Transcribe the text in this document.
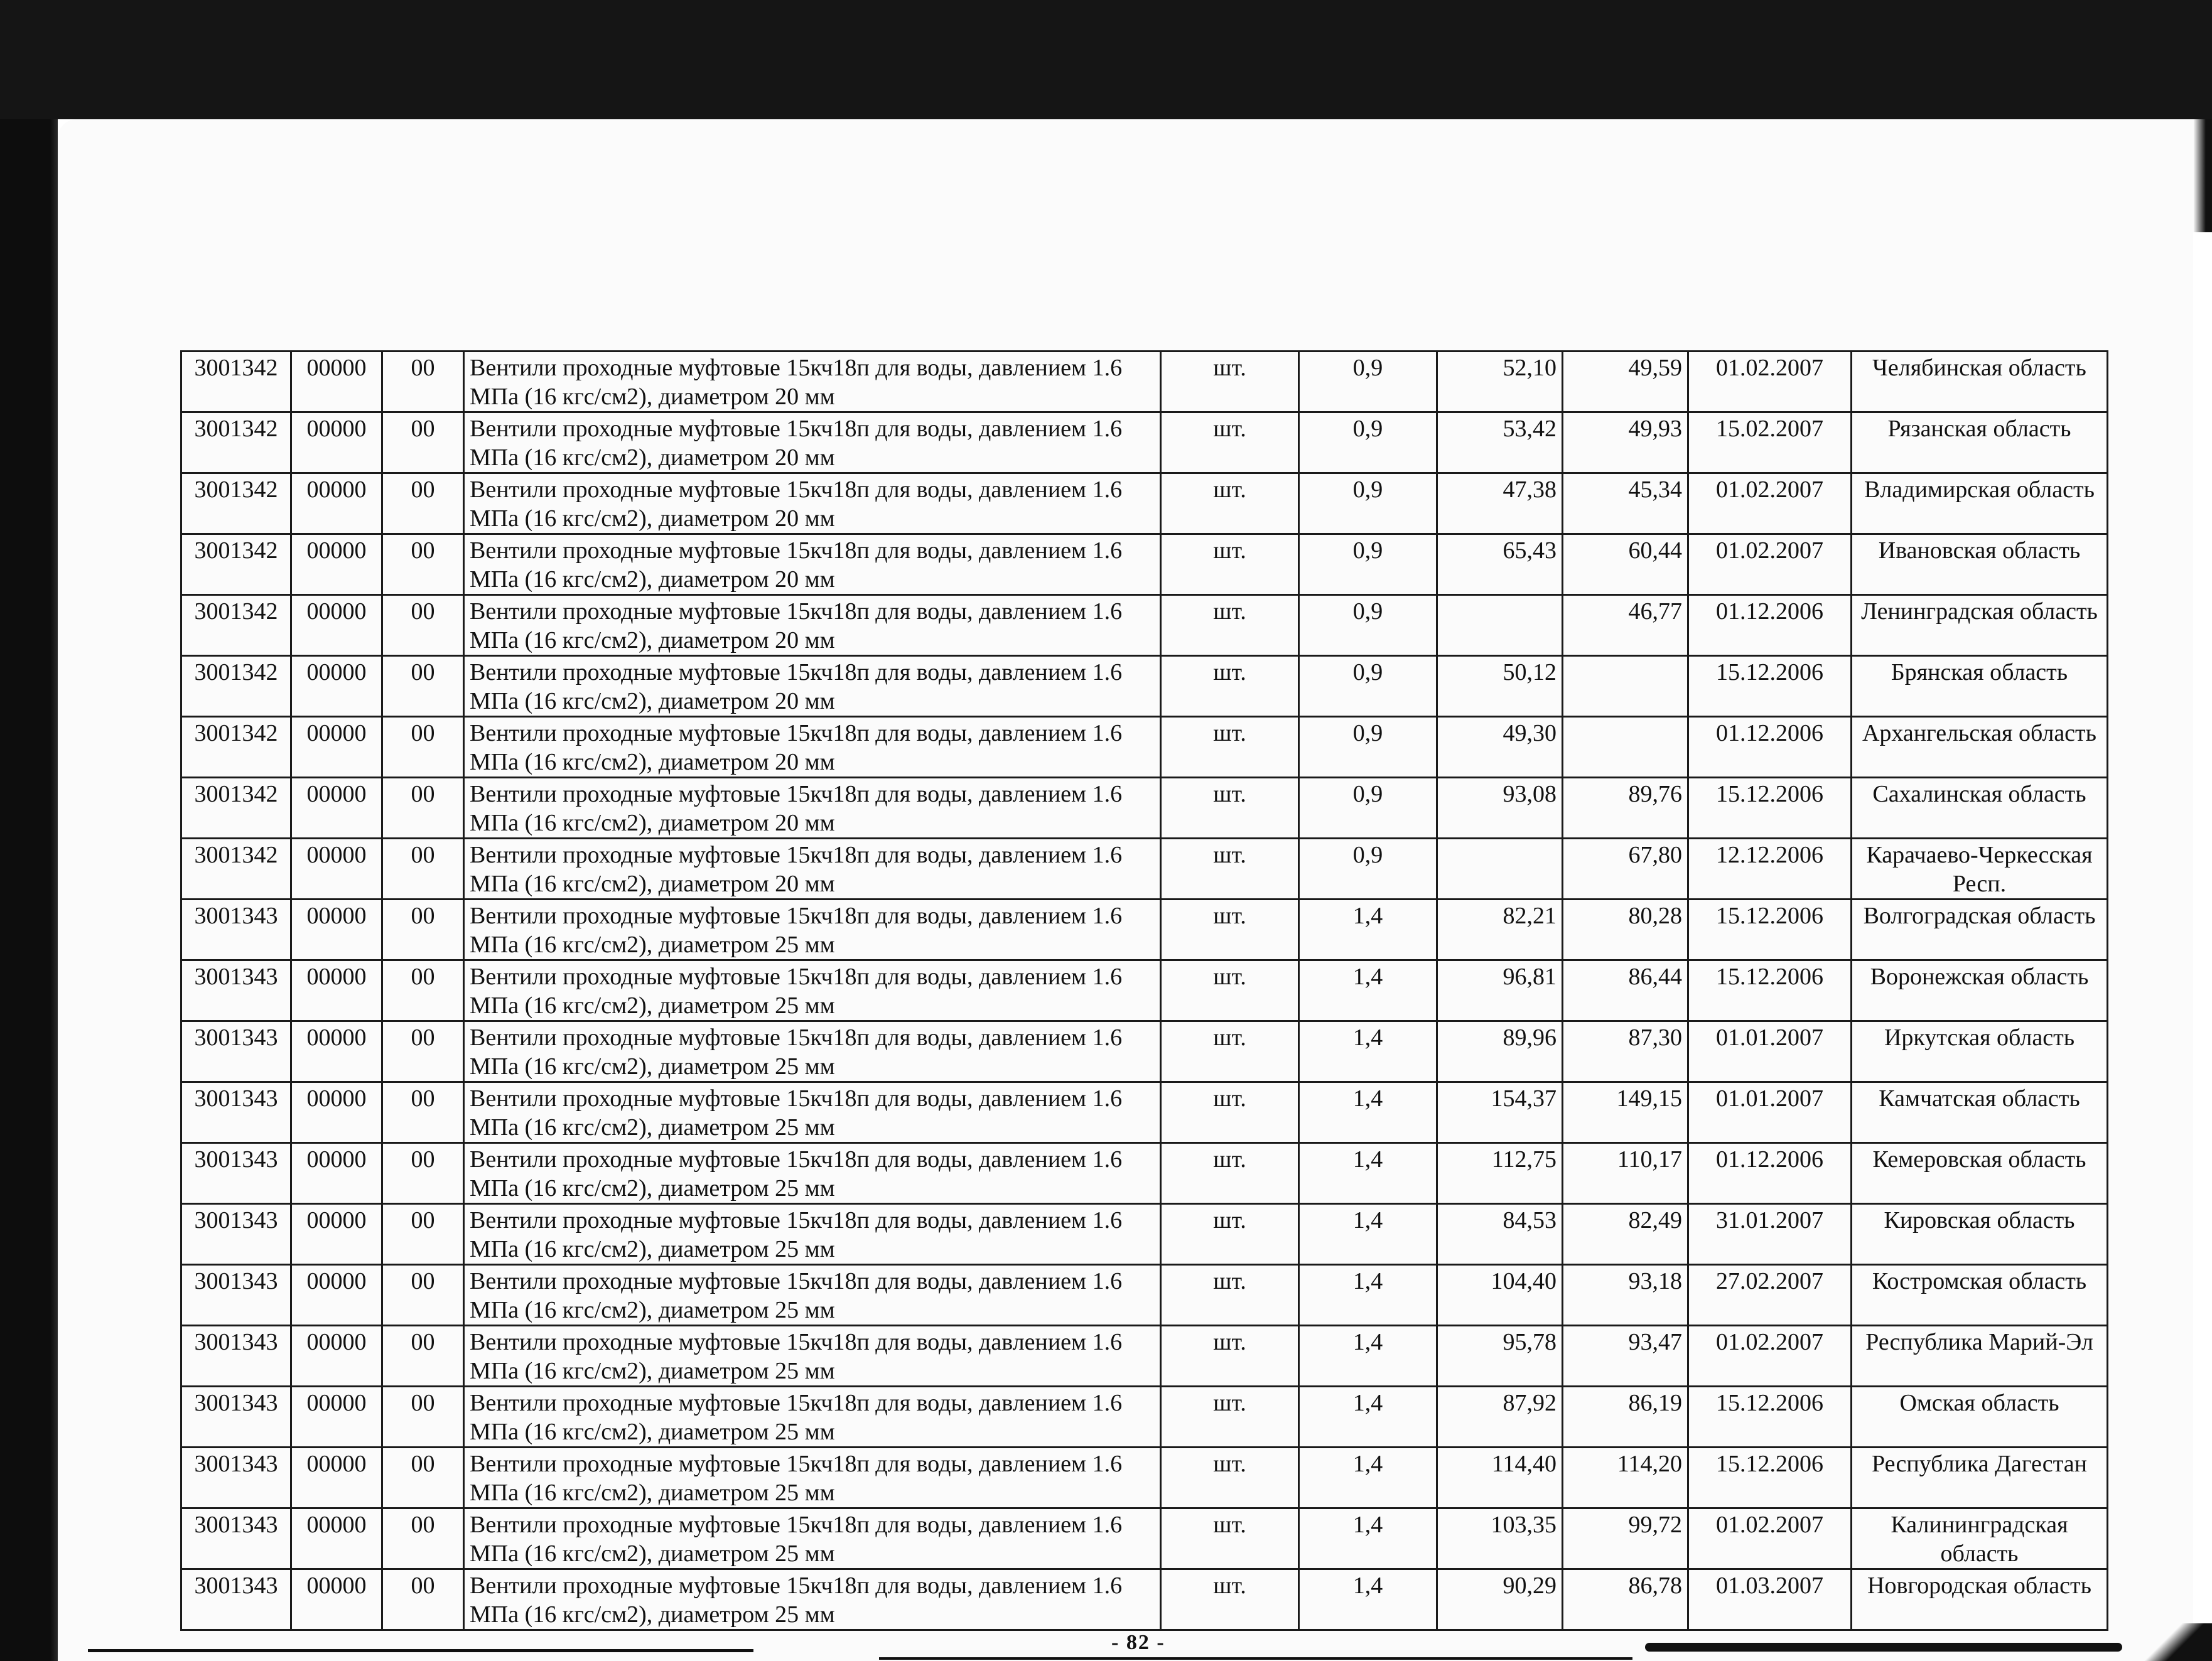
3001342	00000	00	Вентили проходные муфтовые 15кч18п для воды, давлением 1.6 МПа (16 кгс/см2), диаметром 20 мм	шт.	0,9	52,10	49,59	01.02.2007	Челябинская область
3001342	00000	00	Вентили проходные муфтовые 15кч18п для воды, давлением 1.6 МПа (16 кгс/см2), диаметром 20 мм	шт.	0,9	53,42	49,93	15.02.2007	Рязанская область
3001342	00000	00	Вентили проходные муфтовые 15кч18п для воды, давлением 1.6 МПа (16 кгс/см2), диаметром 20 мм	шт.	0,9	47,38	45,34	01.02.2007	Владимирская область
3001342	00000	00	Вентили проходные муфтовые 15кч18п для воды, давлением 1.6 МПа (16 кгс/см2), диаметром 20 мм	шт.	0,9	65,43	60,44	01.02.2007	Ивановская область
3001342	00000	00	Вентили проходные муфтовые 15кч18п для воды, давлением 1.6 МПа (16 кгс/см2), диаметром 20 мм	шт.	0,9		46,77	01.12.2006	Ленинградская область
3001342	00000	00	Вентили проходные муфтовые 15кч18п для воды, давлением 1.6 МПа (16 кгс/см2), диаметром 20 мм	шт.	0,9	50,12		15.12.2006	Брянская область
3001342	00000	00	Вентили проходные муфтовые 15кч18п для воды, давлением 1.6 МПа (16 кгс/см2), диаметром 20 мм	шт.	0,9	49,30		01.12.2006	Архангельская область
3001342	00000	00	Вентили проходные муфтовые 15кч18п для воды, давлением 1.6 МПа (16 кгс/см2), диаметром 20 мм	шт.	0,9	93,08	89,76	15.12.2006	Сахалинская область
3001342	00000	00	Вентили проходные муфтовые 15кч18п для воды, давлением 1.6 МПа (16 кгс/см2), диаметром 20 мм	шт.	0,9		67,80	12.12.2006	Карачаево-Черкесская Респ.
3001343	00000	00	Вентили проходные муфтовые 15кч18п для воды, давлением 1.6 МПа (16 кгс/см2), диаметром 25 мм	шт.	1,4	82,21	80,28	15.12.2006	Волгоградская область
3001343	00000	00	Вентили проходные муфтовые 15кч18п для воды, давлением 1.6 МПа (16 кгс/см2), диаметром 25 мм	шт.	1,4	96,81	86,44	15.12.2006	Воронежская область
3001343	00000	00	Вентили проходные муфтовые 15кч18п для воды, давлением 1.6 МПа (16 кгс/см2), диаметром 25 мм	шт.	1,4	89,96	87,30	01.01.2007	Иркутская область
3001343	00000	00	Вентили проходные муфтовые 15кч18п для воды, давлением 1.6 МПа (16 кгс/см2), диаметром 25 мм	шт.	1,4	154,37	149,15	01.01.2007	Камчатская область
3001343	00000	00	Вентили проходные муфтовые 15кч18п для воды, давлением 1.6 МПа (16 кгс/см2), диаметром 25 мм	шт.	1,4	112,75	110,17	01.12.2006	Кемеровская область
3001343	00000	00	Вентили проходные муфтовые 15кч18п для воды, давлением 1.6 МПа (16 кгс/см2), диаметром 25 мм	шт.	1,4	84,53	82,49	31.01.2007	Кировская область
3001343	00000	00	Вентили проходные муфтовые 15кч18п для воды, давлением 1.6 МПа (16 кгс/см2), диаметром 25 мм	шт.	1,4	104,40	93,18	27.02.2007	Костромская область
3001343	00000	00	Вентили проходные муфтовые 15кч18п для воды, давлением 1.6 МПа (16 кгс/см2), диаметром 25 мм	шт.	1,4	95,78	93,47	01.02.2007	Республика Марий-Эл
3001343	00000	00	Вентили проходные муфтовые 15кч18п для воды, давлением 1.6 МПа (16 кгс/см2), диаметром 25 мм	шт.	1,4	87,92	86,19	15.12.2006	Омская область
3001343	00000	00	Вентили проходные муфтовые 15кч18п для воды, давлением 1.6 МПа (16 кгс/см2), диаметром 25 мм	шт.	1,4	114,40	114,20	15.12.2006	Республика Дагестан
3001343	00000	00	Вентили проходные муфтовые 15кч18п для воды, давлением 1.6 МПа (16 кгс/см2), диаметром 25 мм	шт.	1,4	103,35	99,72	01.02.2007	Калининградская область
3001343	00000	00	Вентили проходные муфтовые 15кч18п для воды, давлением 1.6 МПа (16 кгс/см2), диаметром 25 мм	шт.	1,4	90,29	86,78	01.03.2007	Новгородская область
- 82 -
